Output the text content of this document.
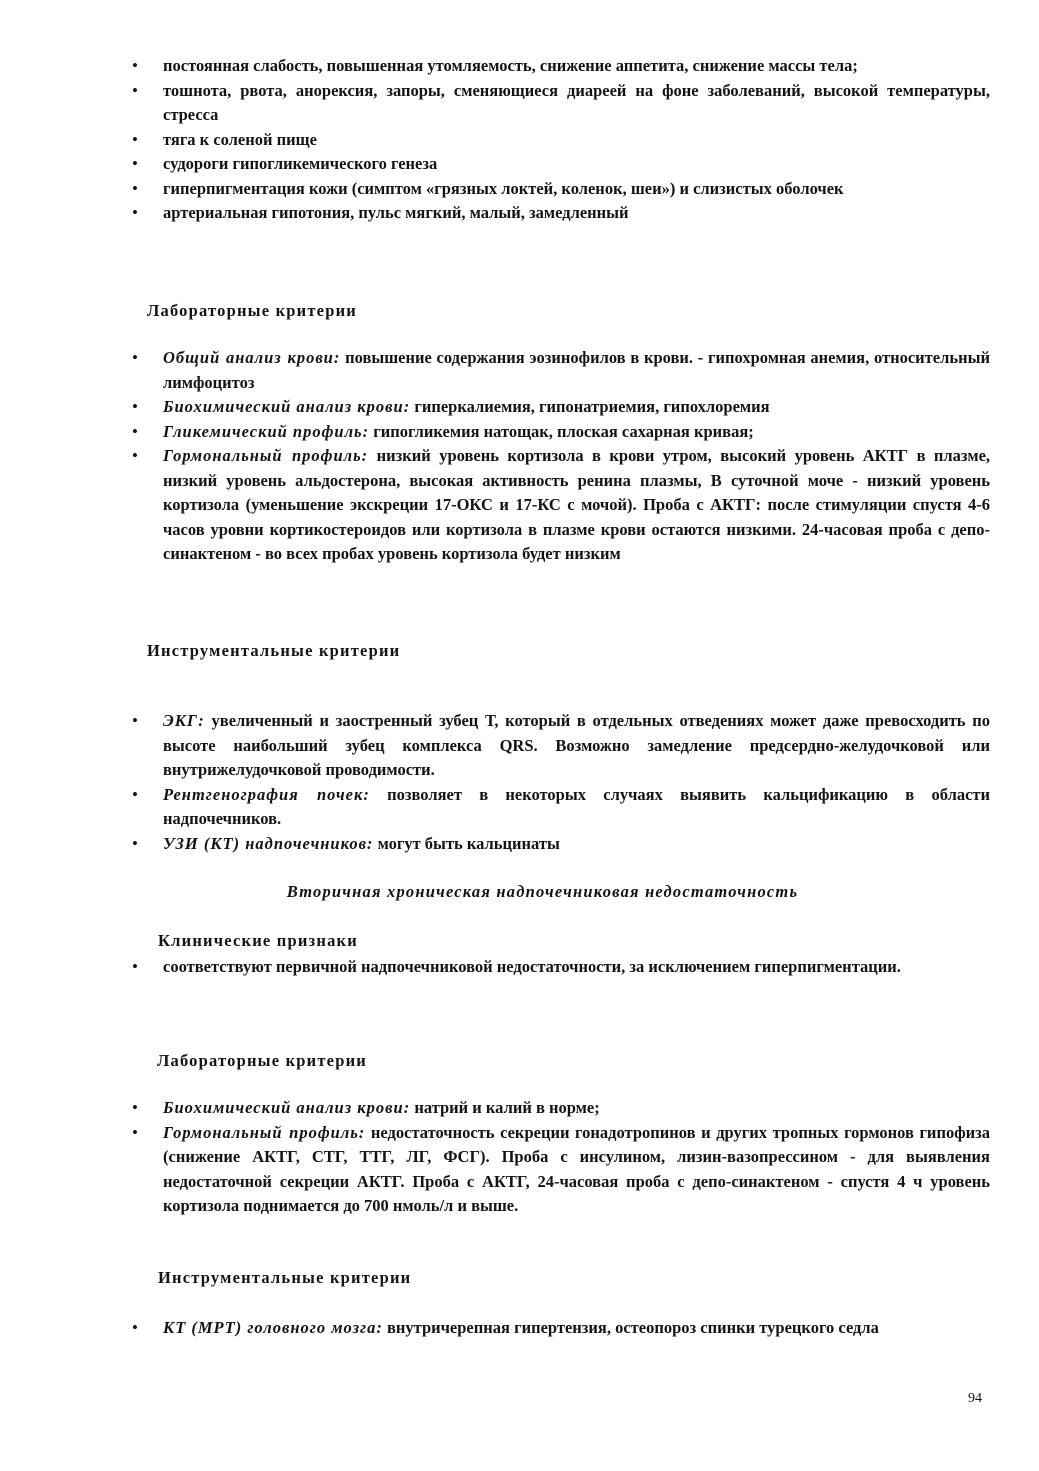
• постоянная слабость, повышенная утомляемость, снижение аппетита, снижение массы тела;
• тошнота, рвота, анорексия, запоры, сменяющиеся диареей на фоне заболеваний, высокой температуры, стресса
• тяга к соленой пище
• судороги гипогликемического генеза
• гиперпигментация кожи (симптом «грязных локтей, коленок, шеи») и слизистых оболочек
• артериальная гипотония, пульс мягкий, малый, замедленный
Лабораторные критерии
• Общий анализ крови: повышение содержания эозинофилов в крови. - гипохромная анемия, относительный лимфоцитоз
• Биохимический анализ крови: гиперкалиемия, гипонатриемия, гипохлоремия
• Гликемический профиль: гипогликемия натощак, плоская сахарная кривая;
• Гормональный профиль: низкий уровень кортизола в крови утром, высокий уровень АКТГ в плазме, низкий уровень альдостерона, высокая активность ренина плазмы, В суточной моче - низкий уровень кортизола (уменьшение экскреции 17-ОКС и 17-КС с мочой). Проба с АКТГ: после стимуляции спустя 4-6 часов уровни кортикостероидов или кортизола в плазме крови остаются низкими. 24-часовая проба с депо-синактеном - во всех пробах уровень кортизола будет низким
Инструментальные критерии
• ЭКГ: увеличенный и заостренный зубец Т, который в отдельных отведениях может даже превосходить по высоте наибольший зубец комплекса QRS. Возможно замедление предсердно-желудочковой или внутрижелудочковой проводимости.
• Рентгенография почек: позволяет в некоторых случаях выявить кальцификацию в области надпочечников.
• УЗИ (КТ) надпочечников: могут быть кальцинаты
Вторичная хроническая надпочечниковая недостаточность
Клинические признаки
• соответствуют первичной надпочечниковой недостаточности, за исключением гиперпигментации.
Лабораторные критерии
• Биохимический анализ крови: натрий и калий в норме;
• Гормональный профиль: недостаточность секреции гонадотропинов и других тропных гормонов гипофиза (снижение АКТГ, СТГ, ТТГ, ЛГ, ФСГ). Проба с инсулином, лизин-вазопрессином - для выявления недостаточной секреции АКТГ. Проба с АКТГ, 24-часовая проба с депо-синактеном - спустя 4 ч уровень кортизола поднимается до 700 нмоль/л и выше.
Инструментальные критерии
• КТ (МРТ) головного мозга: внутричерепная гипертензия, остеопороз спинки турецкого седла
94
